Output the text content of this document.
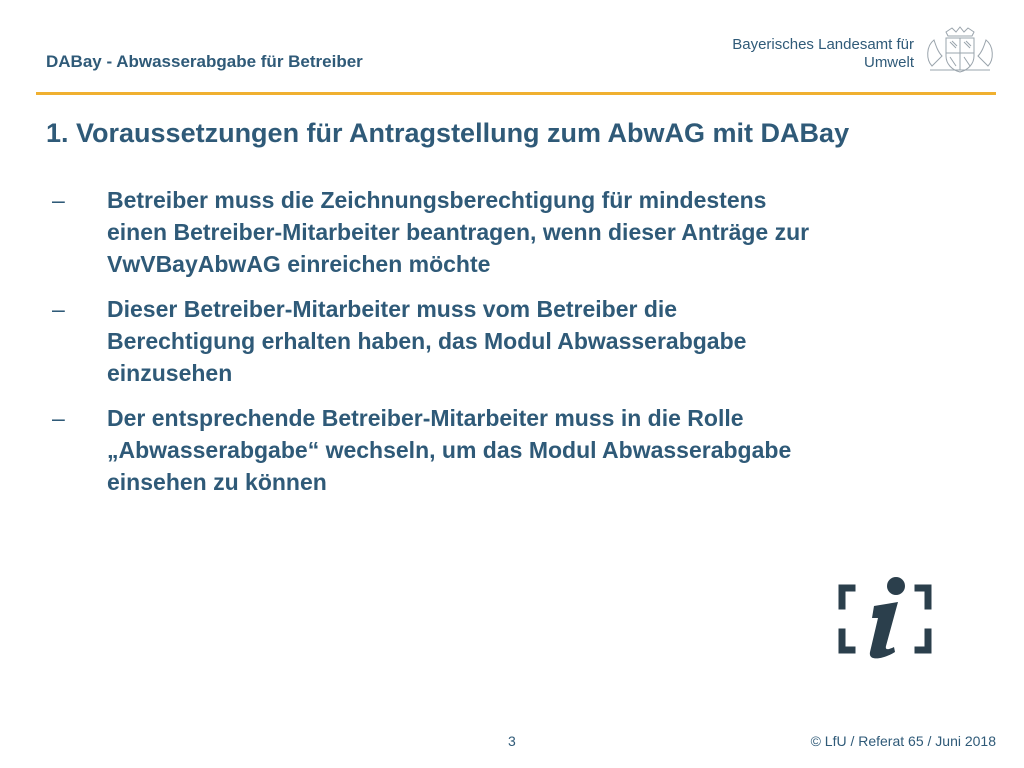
DABay - Abwasserabgabe für Betreiber
Bayerisches Landesamt für
Umwelt
1. Voraussetzungen für Antragstellung zum AbwAG mit DABay
– Betreiber muss die Zeichnungsberechtigung für mindestens
einen Betreiber-Mitarbeiter beantragen, wenn dieser Anträge zur
VwVBayAbwAG einreichen möchte
– Dieser Betreiber-Mitarbeiter muss vom Betreiber die
Berechtigung erhalten haben, das Modul Abwasserabgabe
einzusehen
– Der entsprechende Betreiber-Mitarbeiter muss in die Rolle
„Abwasserabgabe“ wechseln, um das Modul Abwasserabgabe
einsehen zu können
3	© LfU / Referat 65 / Juni 2018
